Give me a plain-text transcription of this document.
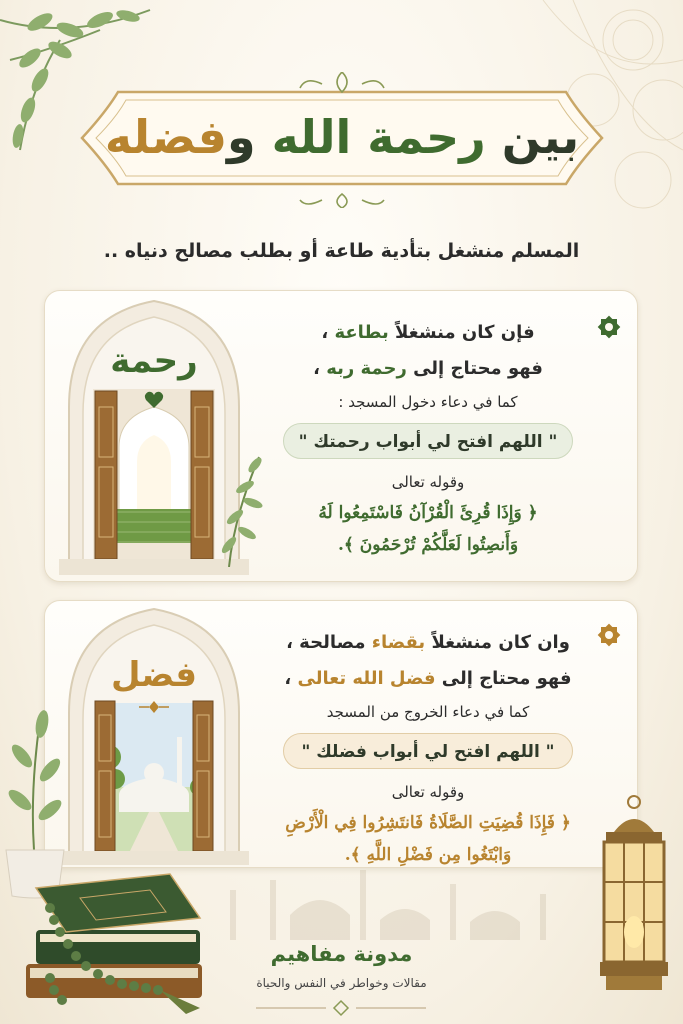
بين رحمة الله وفضله
المسلم منشغل بتأدية طاعة أو بطلب مصالح دنياه ..
رحمة
فإن كان منشغلاً بطاعة ،
فهو محتاج إلى رحمة ربه ،
كما في دعاء دخول المسجد :
" اللهم افتح لي أبواب رحمتك "
وقوله تعالى
﴿ وَإِذَا قُرِئَ الْقُرْآنُ فَاسْتَمِعُوا لَهُ
وَأَنصِتُوا لَعَلَّكُمْ تُرْحَمُونَ ﴾.
فضل
وان كان منشغلاً بقضاء مصالحة ،
فهو محتاج إلى فضل الله تعالى ،
كما في دعاء الخروج من المسجد
" اللهم افتح لي أبواب فضلك "
وقوله تعالى
﴿ فَإِذَا قُضِيَتِ الصَّلَاةُ فَانتَشِرُوا فِي الْأَرْضِ
وَابْتَغُوا مِن فَضْلِ اللَّهِ ﴾.
مدونة مفاهيم
مقالات وخواطر في النفس والحياة
